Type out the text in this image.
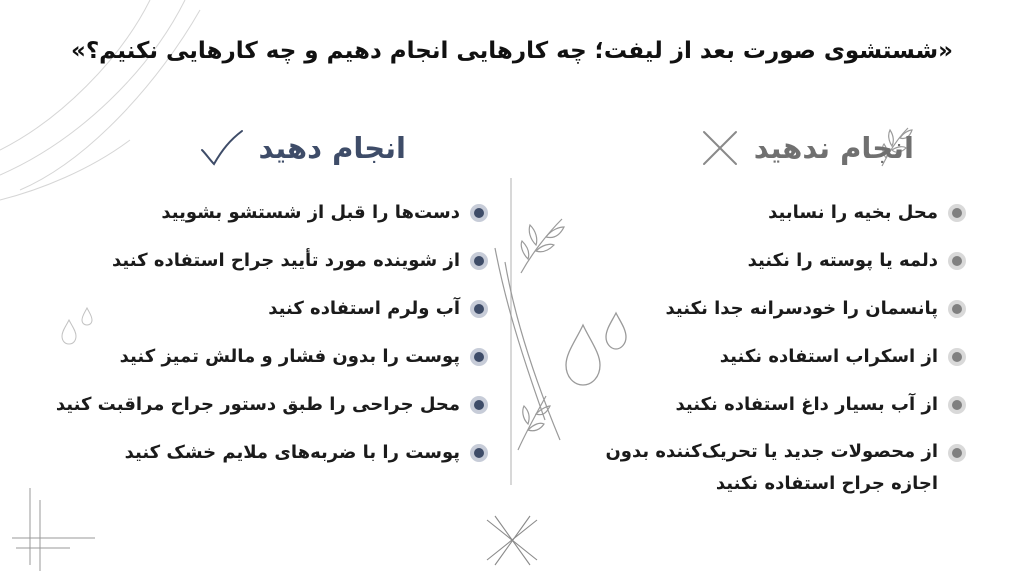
«شستشوی صورت بعد از لیفت؛ چه کارهایی انجام دهیم و چه کارهایی نکنیم؟»
انجام ندهید
انجام دهید
محل بخیه را نسابید
دلمه یا پوسته را نکنید
پانسمان را خودسرانه جدا نکنید
از اسکراب استفاده نکنید
از آب بسیار داغ استفاده نکنید
از محصولات جدید یا تحریک‌کننده بدون اجازه جراح استفاده نکنید
دست‌ها را قبل از شستشو بشویید
از شوینده مورد تأیید جراح استفاده کنید
آب ولرم استفاده کنید
پوست را بدون فشار و مالش تمیز کنید
محل جراحی را طبق دستور جراح مراقبت کنید
پوست را با ضربه‌های ملایم خشک کنید
